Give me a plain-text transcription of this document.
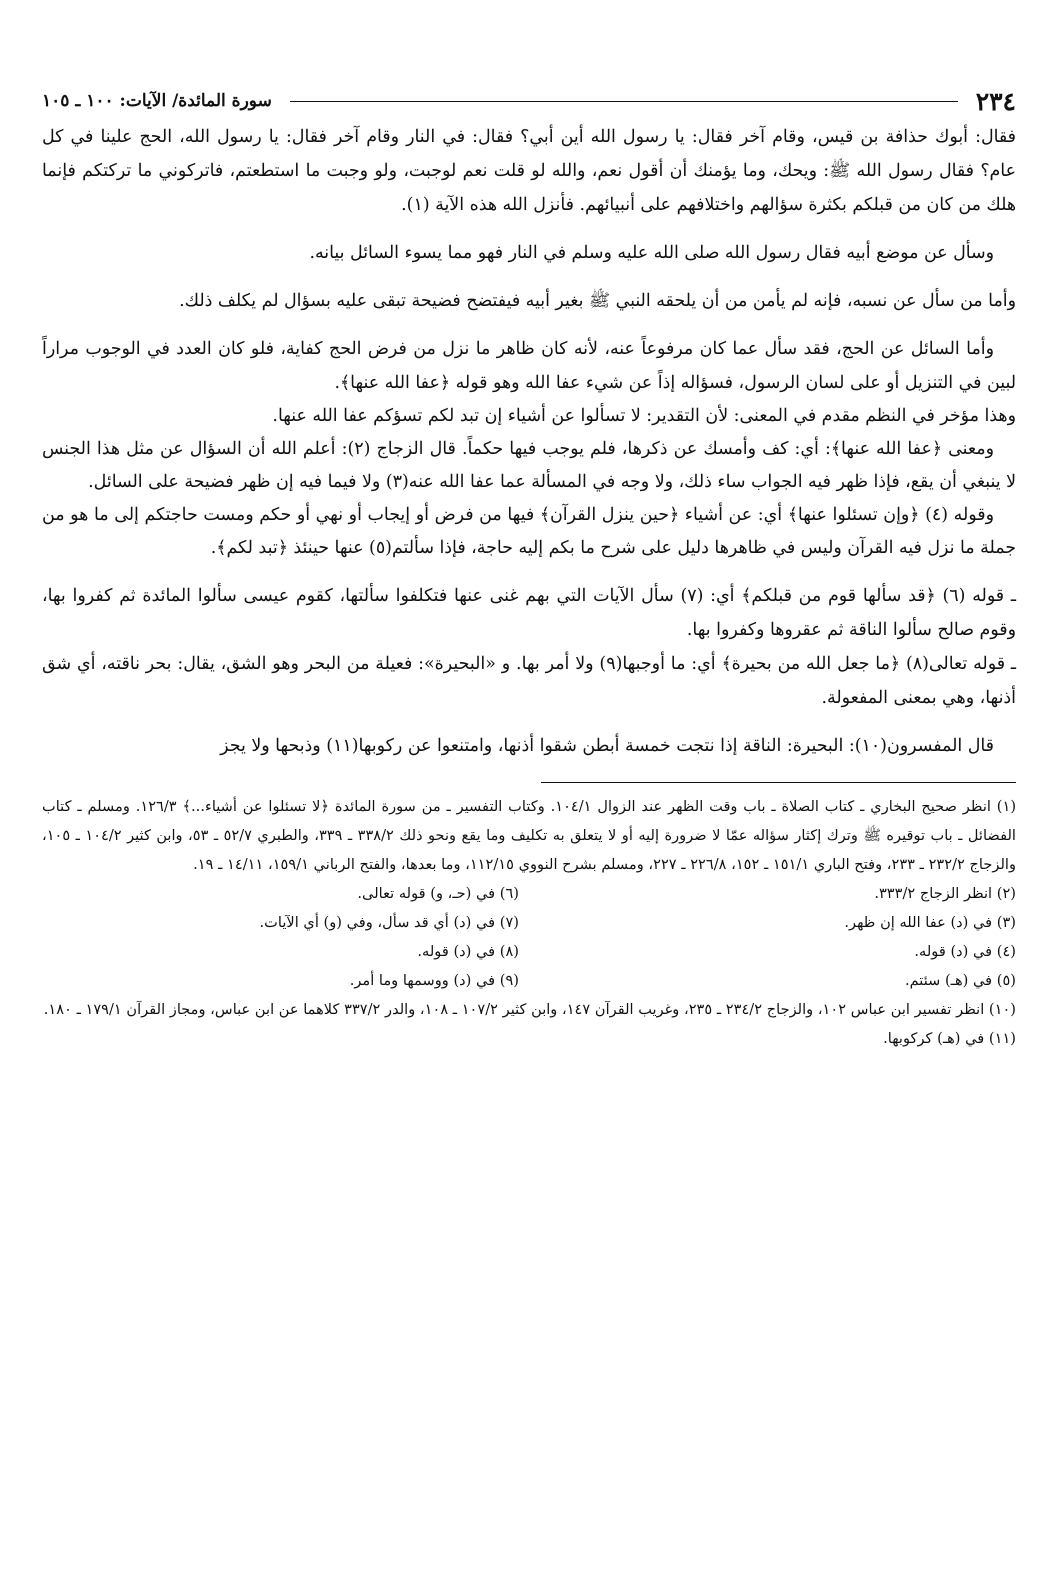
٢٣٤
سورة المائدة/ الآيات: ١٠٠ ـ ١٠٥

فقال: أبوك حذافة بن قيس، وقام آخر فقال: يا رسول الله أين أبي؟ فقال: في النار وقام آخر فقال: يا رسول الله، الحج علينا في كل عام؟ فقال رسول الله ﷺ: ويحك، وما يؤمنك أن أقول نعم، والله لو قلت نعم لوجبت، ولو وجبت ما استطعتم، فاتركوني ما تركتكم فإنما هلك من كان من قبلكم بكثرة سؤالهم واختلافهم على أنبيائهم. فأنزل الله هذه الآية (١).

وسأل عن موضع أبيه فقال رسول الله صلى الله عليه وسلم في النار فهو مما يسوء السائل بيانه.

وأما من سأل عن نسبه، فإنه لم يأمن من أن يلحقه النبي ﷺ بغير أبيه فيفتضح فضيحة تبقى عليه بسؤال لم يكلف ذلك.

وأما السائل عن الحج، فقد سأل عما كان مرفوعاً عنه، لأنه كان ظاهر ما نزل من فرض الحج كفاية، فلو كان العدد في الوجوب مراراً لبين في التنزيل أو على لسان الرسول، فسؤاله إذاً عن شيء عفا الله وهو قوله ﴿عفا الله عنها﴾.

وهذا مؤخر في النظم مقدم في المعنى: لأن التقدير: لا تسألوا عن أشياء إن تبد لكم تسؤكم عفا الله عنها.

ومعنى ﴿عفا الله عنها﴾: أي: كف وأمسك عن ذكرها، فلم يوجب فيها حكماً. قال الزجاج (٢): أعلم الله أن السؤال عن مثل هذا الجنس لا ينبغي أن يقع، فإذا ظهر فيه الجواب ساء ذلك، ولا وجه في المسألة عما عفا الله عنه(٣) ولا فيما فيه إن ظهر فضيحة على السائل.

وقوله (٤) ﴿وإن تسئلوا عنها﴾ أي: عن أشياء ﴿حين ينزل القرآن﴾ فيها من فرض أو إيجاب أو نهي أو حكم ومست حاجتكم إلى ما هو من جملة ما نزل فيه القرآن وليس في ظاهرها دليل على شرح ما بكم إليه حاجة، فإذا سألتم(٥) عنها حينئذ ﴿تبد لكم﴾.

ـ قوله (٦) ﴿قد سألها قوم من قبلكم﴾ أي: (٧) سأل الآيات التي بهم غنى عنها فتكلفوا سألتها، كقوم عيسى سألوا المائدة ثم كفروا بها، وقوم صالح سألوا الناقة ثم عقروها وكفروا بها.

ـ قوله تعالى(٨) ﴿ما جعل الله من بحيرة﴾ أي: ما أوجبها(٩) ولا أمر بها. و «البحيرة»: فعيلة من البحر وهو الشق، يقال: بحر ناقته، أي شق أذنها، وهي بمعنى المفعولة.

قال المفسرون(١٠): البحيرة: الناقة إذا نتجت خمسة أبطن شقوا أذنها، وامتنعوا عن ركوبها(١١) وذبحها ولا يجز

(١) انظر صحيح البخاري ـ كتاب الصلاة ـ باب وقت الظهر عند الزوال ١٠٤/١. وكتاب التفسير ـ من سورة المائدة ﴿لا تسئلوا عن أشياء...﴾ ١٢٦/٣. ومسلم ـ كتاب الفضائل ـ باب توقيره ﷺ وترك إكثار سؤاله عمّا لا ضرورة إليه أو لا يتعلق به تكليف وما يقع ونحو ذلك ٣٣٨/٢ ـ ٣٣٩، والطبري ٥٢/٧ ـ ٥٣، وابن كثير ١٠٤/٢ ـ ١٠٥، والزجاج ٢٣٢/٢ ـ ٢٣٣، وفتح الباري ١٥١/١ ـ ١٥٢، ٢٢٦/٨ ـ ٢٢٧، ومسلم بشرح النووي ١١٢/١٥، وما بعدها، والفتح الرباني ١٥٩/١، ١٤/١١ ـ ١٩.

(٢) انظر الزجاج ٣٣٣/٢.

(٦) في (حـ، و) قوله تعالى.

(٣) في (د) عفا الله إن ظهر.

(٧) في (د) أي قد سأل، وفي (و) أي الآيات.

(٤) في (د) قوله.

(٨) في (د) قوله.

(٥) في (هـ) سئتم.

(٩) في (د) ووسمها وما أمر.

(١٠) انظر تفسير ابن عباس ١٠٢، والزجاج ٢٣٤/٢ ـ ٢٣٥، وغريب القرآن ١٤٧، وابن كثير ١٠٧/٢ ـ ١٠٨، والدر ٣٣٧/٢ كلاهما عن ابن عباس، ومجاز القرآن ١٧٩/١ ـ ١٨٠.

(١١) في (هـ) كركوبها.
